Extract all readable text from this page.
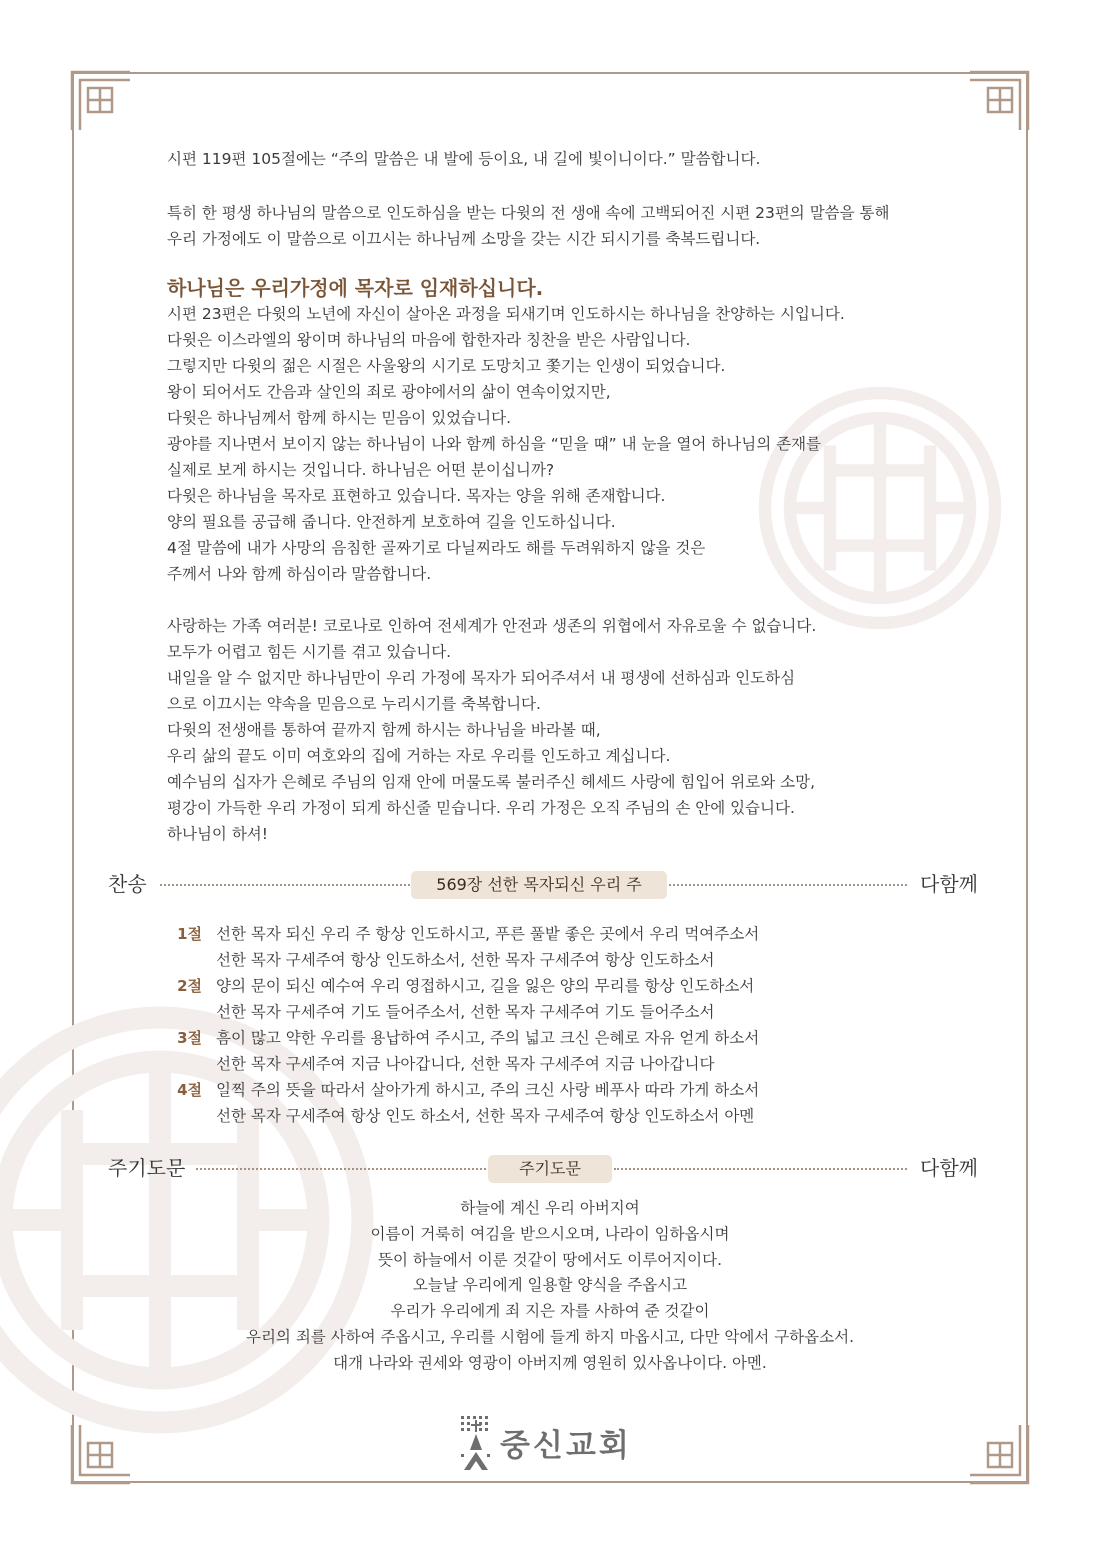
시편 119편 105절에는 “주의 말씀은 내 발에 등이요, 내 길에 빛이니이다.” 말씀합니다.

특히 한 평생 하나님의 말씀으로 인도하심을 받는 다윗의 전 생애 속에 고백되어진 시편 23편의 말씀을 통해

우리 가정에도 이 말씀으로 이끄시는 하나님께 소망을 갖는 시간 되시기를 축복드립니다.

하나님은 우리가정에 목자로 임재하십니다.

시편 23편은 다윗의 노년에 자신이 살아온 과정을 되새기며 인도하시는 하나님을 찬양하는 시입니다.

다윗은 이스라엘의 왕이며 하나님의 마음에 합한자라 칭찬을 받은 사람입니다.

그렇지만 다윗의 젊은 시절은 사울왕의 시기로 도망치고 쫓기는 인생이 되었습니다.

왕이 되어서도 간음과 살인의 죄로 광야에서의 삶이 연속이었지만,

다윗은 하나님께서 함께 하시는 믿음이 있었습니다.

광야를 지나면서 보이지 않는 하나님이 나와 함께 하심을 “믿을 때” 내 눈을 열어 하나님의 존재를

실제로 보게 하시는 것입니다. 하나님은 어떤 분이십니까?

다윗은 하나님을 목자로 표현하고 있습니다. 목자는 양을 위해 존재합니다.

양의 필요를 공급해 줍니다. 안전하게 보호하여 길을 인도하십니다.

4절 말씀에 내가 사망의 음침한 골짜기로 다닐찌라도 해를 두려워하지 않을 것은

주께서 나와 함께 하심이라 말씀합니다.

사랑하는 가족 여러분! 코로나로 인하여 전세계가 안전과 생존의 위협에서 자유로울 수 없습니다.

모두가 어렵고 힘든 시기를 겪고 있습니다.

내일을 알 수 없지만 하나님만이 우리 가정에 목자가 되어주셔서 내 평생에 선하심과 인도하심

으로 이끄시는 약속을 믿음으로 누리시기를 축복합니다.

다윗의 전생애를 통하여 끝까지 함께 하시는 하나님을 바라볼 때,

우리 삶의 끝도 이미 여호와의 집에 거하는 자로 우리를 인도하고 계십니다.

예수님의 십자가 은혜로 주님의 임재 안에 머물도록 불러주신 헤세드 사랑에 힘입어 위로와 소망,

평강이 가득한 우리 가정이 되게 하신줄 믿습니다. 우리 가정은 오직 주님의 손 안에 있습니다.

하나님이 하셔!

찬송	569장 선한 목자되신 우리 주	다함께
1절 선한 목자 되신 우리 주 항상 인도하시고, 푸른 풀밭 좋은 곳에서 우리 먹여주소서
선한 목자 구세주여 항상 인도하소서, 선한 목자 구세주여 항상 인도하소서
2절 양의 문이 되신 예수여 우리 영접하시고, 길을 잃은 양의 무리를 항상 인도하소서
선한 목자 구세주여 기도 들어주소서, 선한 목자 구세주여 기도 들어주소서
3절 흠이 많고 약한 우리를 용납하여 주시고, 주의 넓고 크신 은혜로 자유 얻게 하소서
선한 목자 구세주여 지금 나아갑니다, 선한 목자 구세주여 지금 나아갑니다
4절 일찍 주의 뜻을 따라서 살아가게 하시고, 주의 크신 사랑 베푸사 따라 가게 하소서
선한 목자 구세주여 항상 인도 하소서, 선한 목자 구세주여 항상 인도하소서 아멘
주기도문	주기도문	다함께
하늘에 계신 우리 아버지여
이름이 거룩히 여김을 받으시오며, 나라이 임하옵시며
뜻이 하늘에서 이룬 것같이 땅에서도 이루어지이다.
오늘날 우리에게 일용할 양식을 주옵시고
우리가 우리에게 죄 지은 자를 사하여 준 것같이
우리의 죄를 사하여 주옵시고, 우리를 시험에 들게 하지 마옵시고, 다만 악에서 구하옵소서.
대개 나라와 권세와 영광이 아버지께 영원히 있사옵나이다. 아멘.
중신교회
